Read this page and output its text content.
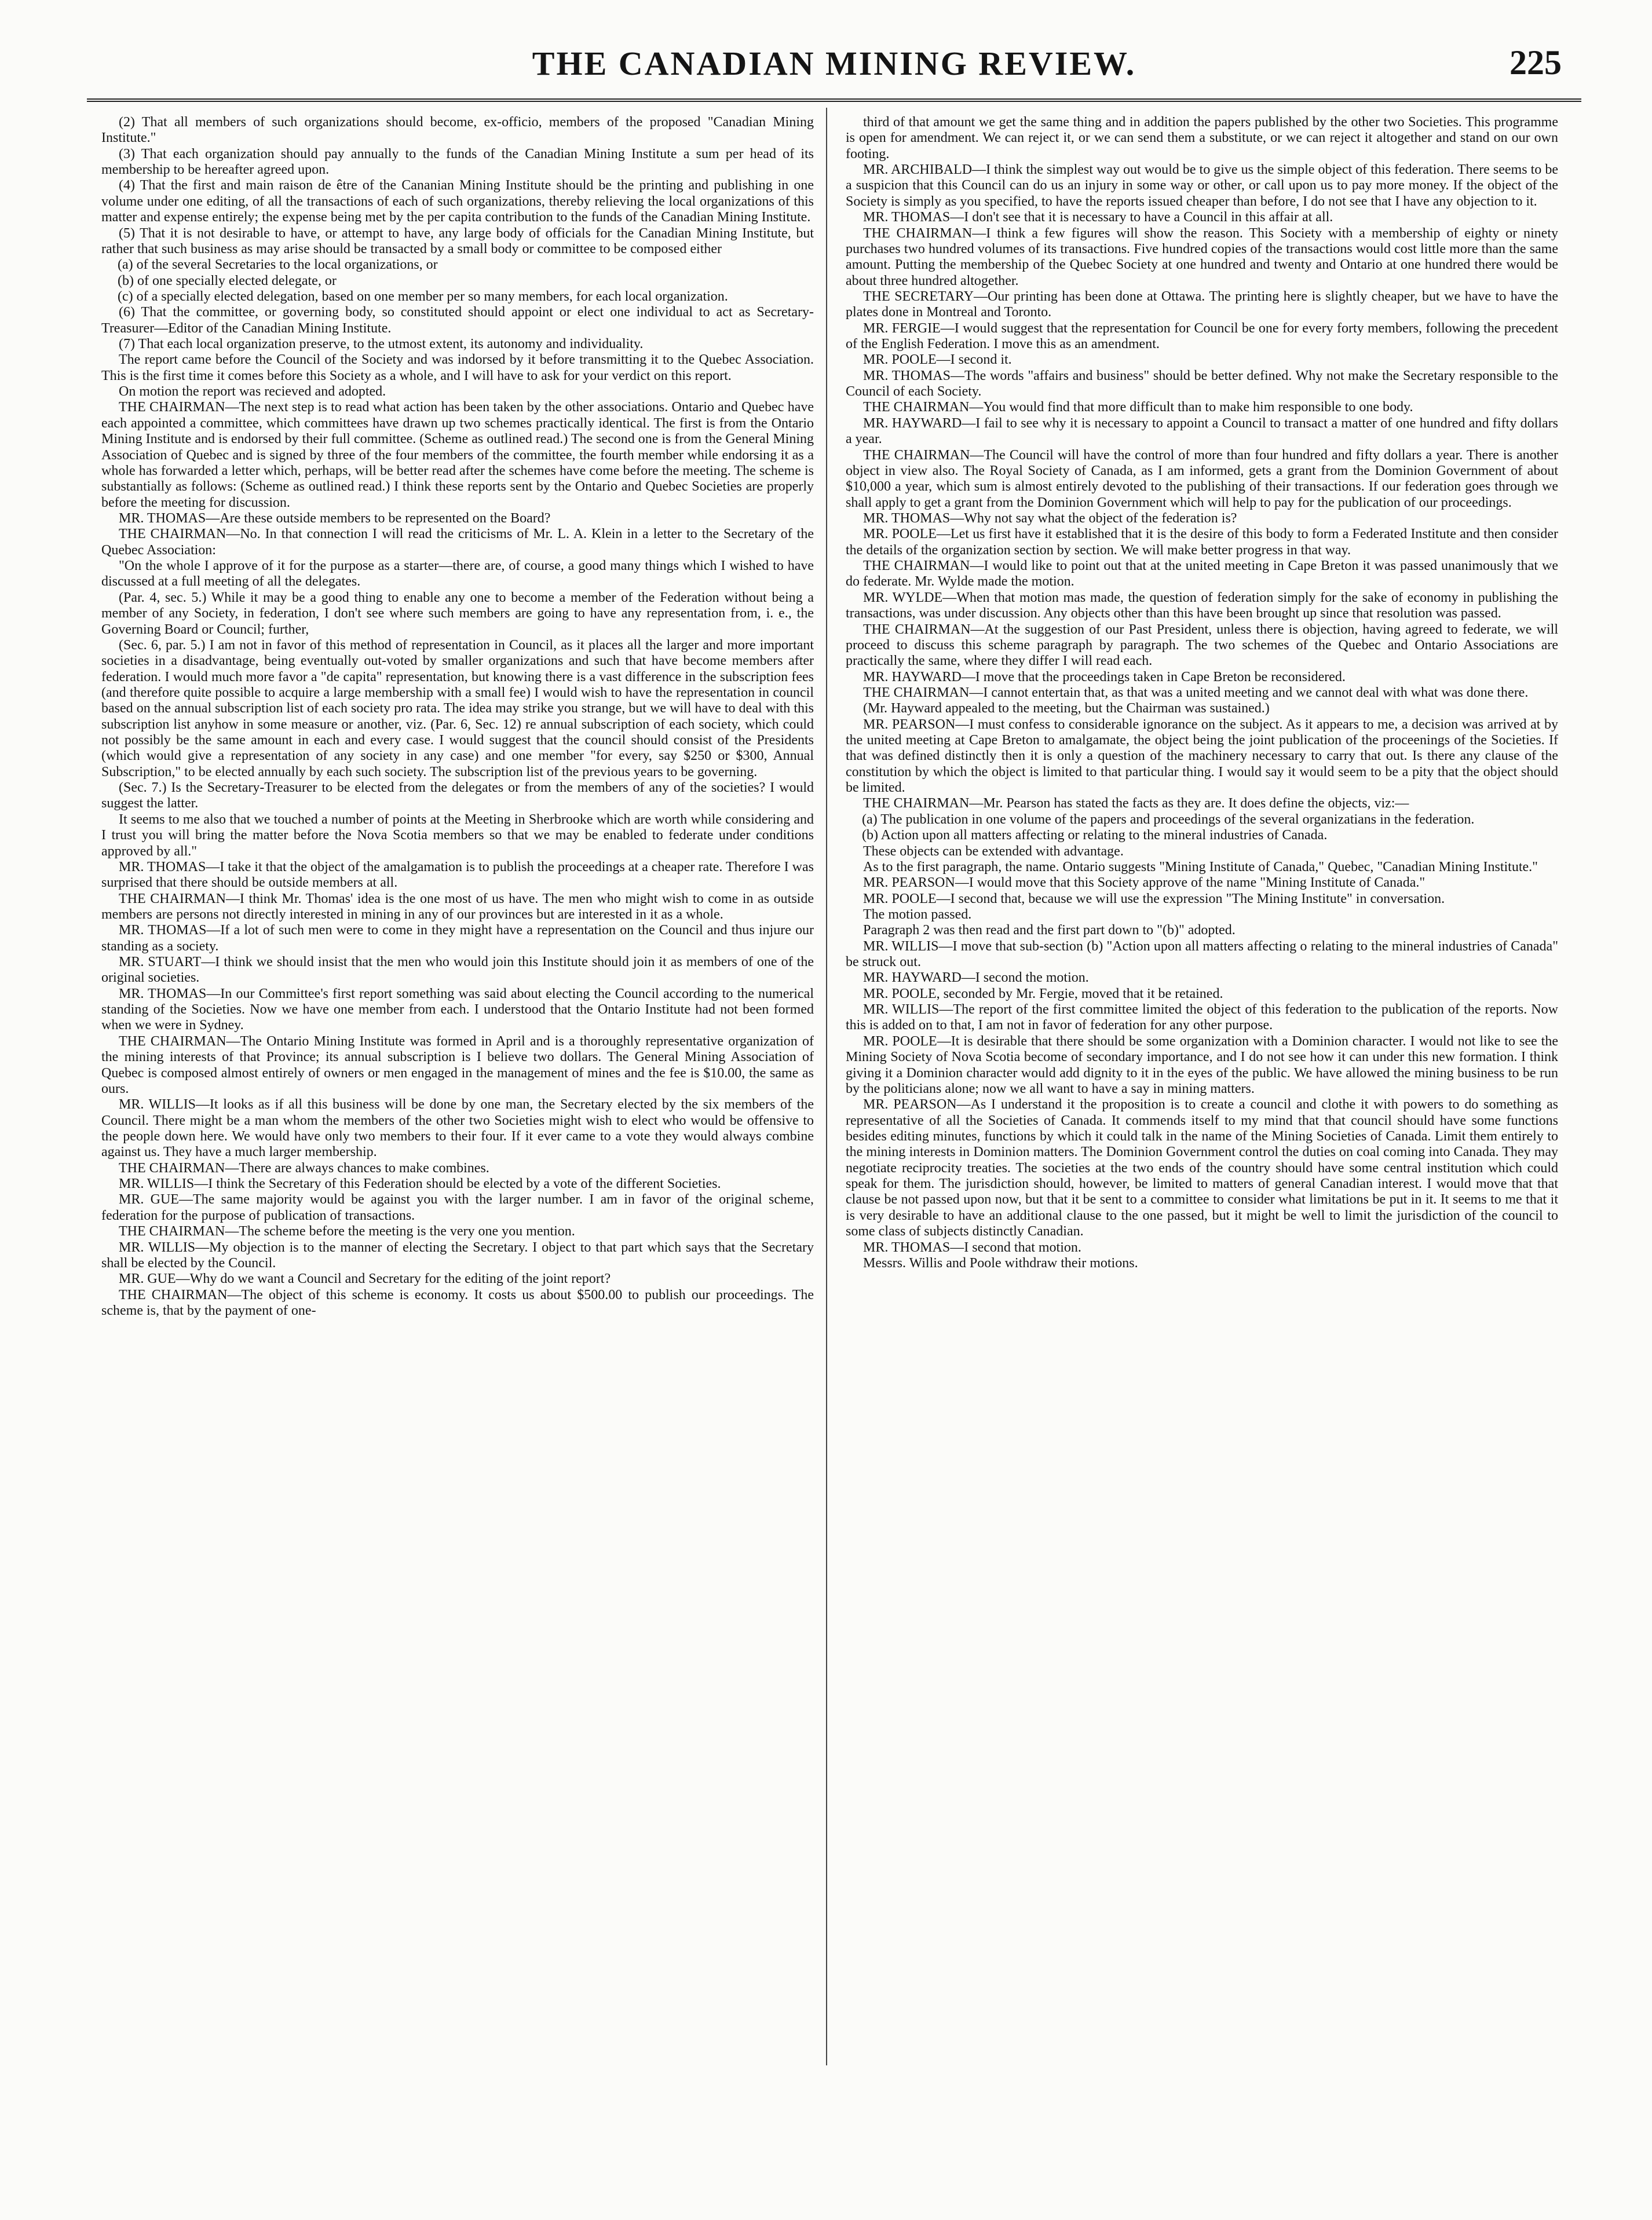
THE CANADIAN MINING REVIEW.	225

(2) That all members of such organizations should become, ex-officio, members of the proposed "Canadian Mining Institute."

(3) That each organization should pay annually to the funds of the Canadian Mining Institute a sum per head of its membership to be hereafter agreed upon.

(4) That the first and main raison de être of the Cananian Mining Institute should be the printing and publishing in one volume under one editing, of all the transactions of each of such organizations, thereby relieving the local organizations of this matter and expense entirely; the expense being met by the per capita contribution to the funds of the Canadian Mining Institute.

(5) That it is not desirable to have, or attempt to have, any large body of officials for the Canadian Mining Institute, but rather that such business as may arise should be transacted by a small body or committee to be composed either

(a) of the several Secretaries to the local organizations, or

(b) of one specially elected delegate, or

(c) of a specially elected delegation, based on one member per so many members, for each local organization.

(6) That the committee, or governing body, so constituted should appoint or elect one individual to act as Secretary-Treasurer—Editor of the Canadian Mining Institute.

(7) That each local organization preserve, to the utmost extent, its autonomy and individuality.

The report came before the Council of the Society and was indorsed by it before transmitting it to the Quebec Association. This is the first time it comes before this Society as a whole, and I will have to ask for your verdict on this report.

On motion the report was recieved and adopted.

THE CHAIRMAN—The next step is to read what action has been taken by the other associations. Ontario and Quebec have each appointed a committee, which committees have drawn up two schemes practically identical. The first is from the Ontario Mining Institute and is endorsed by their full committee. (Scheme as outlined read.) The second one is from the General Mining Association of Quebec and is signed by three of the four members of the committee, the fourth member while endorsing it as a whole has forwarded a letter which, perhaps, will be better read after the schemes have come before the meeting. The scheme is substantially as follows: (Scheme as outlined read.) I think these reports sent by the Ontario and Quebec Societies are properly before the meeting for discussion.

MR. THOMAS—Are these outside members to be represented on the Board?

THE CHAIRMAN—No. In that connection I will read the criticisms of Mr. L. A. Klein in a letter to the Secretary of the Quebec Association:

"On the whole I approve of it for the purpose as a starter—there are, of course, a good many things which I wished to have discussed at a full meeting of all the delegates.

(Par. 4, sec. 5.) While it may be a good thing to enable any one to become a member of the Federation without being a member of any Society, in federation, I don't see where such members are going to have any representation from, i. e., the Governing Board or Council; further,

(Sec. 6, par. 5.) I am not in favor of this method of representation in Council, as it places all the larger and more important societies in a disadvantage, being eventually out-voted by smaller organizations and such that have become members after federation. I would much more favor a "de capita" representation, but knowing there is a vast difference in the subscription fees (and therefore quite possible to acquire a large membership with a small fee) I would wish to have the representation in council based on the annual subscription list of each society pro rata. The idea may strike you strange, but we will have to deal with this subscription list anyhow in some measure or another, viz. (Par. 6, Sec. 12) re annual subscription of each society, which could not possibly be the same amount in each and every case. I would suggest that the council should consist of the Presidents (which would give a representation of any society in any case) and one member "for every, say $250 or $300, Annual Subscription," to be elected annually by each such society. The subscription list of the previous years to be governing.

(Sec. 7.) Is the Secretary-Treasurer to be elected from the delegates or from the members of any of the societies? I would suggest the latter.

It seems to me also that we touched a number of points at the Meeting in Sherbrooke which are worth while considering and I trust you will bring the matter before the Nova Scotia members so that we may be enabled to federate under conditions approved by all."

MR. THOMAS—I take it that the object of the amalgamation is to publish the proceedings at a cheaper rate. Therefore I was surprised that there should be outside members at all.

THE CHAIRMAN—I think Mr. Thomas' idea is the one most of us have. The men who might wish to come in as outside members are persons not directly interested in mining in any of our provinces but are interested in it as a whole.

MR. THOMAS—If a lot of such men were to come in they might have a representation on the Council and thus injure our standing as a society.

MR. STUART—I think we should insist that the men who would join this Institute should join it as members of one of the original societies.

MR. THOMAS—In our Committee's first report something was said about electing the Council according to the numerical standing of the Societies. Now we have one member from each. I understood that the Ontario Institute had not been formed when we were in Sydney.

THE CHAIRMAN—The Ontario Mining Institute was formed in April and is a thoroughly representative organization of the mining interests of that Province; its annual subscription is I believe two dollars. The General Mining Association of Quebec is composed almost entirely of owners or men engaged in the management of mines and the fee is $10.00, the same as ours.

MR. WILLIS—It looks as if all this business will be done by one man, the Secretary elected by the six members of the Council. There might be a man whom the members of the other two Societies might wish to elect who would be offensive to the people down here. We would have only two members to their four. If it ever came to a vote they would always combine against us. They have a much larger membership.

THE CHAIRMAN—There are always chances to make combines.

MR. WILLIS—I think the Secretary of this Federation should be elected by a vote of the different Societies.

MR. GUE—The same majority would be against you with the larger number. I am in favor of the original scheme, federation for the purpose of publication of transactions.

THE CHAIRMAN—The scheme before the meeting is the very one you mention.

MR. WILLIS—My objection is to the manner of electing the Secretary. I object to that part which says that the Secretary shall be elected by the Council.

MR. GUE—Why do we want a Council and Secretary for the editing of the joint report?

THE CHAIRMAN—The object of this scheme is economy. It costs us about $500.00 to publish our proceedings. The scheme is, that by the payment of one-

third of that amount we get the same thing and in addition the papers published by the other two Societies. This programme is open for amendment. We can reject it, or we can send them a substitute, or we can reject it altogether and stand on our own footing.

MR. ARCHIBALD—I think the simplest way out would be to give us the simple object of this federation. There seems to be a suspicion that this Council can do us an injury in some way or other, or call upon us to pay more money. If the object of the Society is simply as you specified, to have the reports issued cheaper than before, I do not see that I have any objection to it.

MR. THOMAS—I don't see that it is necessary to have a Council in this affair at all.

THE CHAIRMAN—I think a few figures will show the reason. This Society with a membership of eighty or ninety purchases two hundred volumes of its transactions. Five hundred copies of the transactions would cost little more than the same amount. Putting the membership of the Quebec Society at one hundred and twenty and Ontario at one hundred there would be about three hundred altogether.

THE SECRETARY—Our printing has been done at Ottawa. The printing here is slightly cheaper, but we have to have the plates done in Montreal and Toronto.

MR. FERGIE—I would suggest that the representation for Council be one for every forty members, following the precedent of the English Federation. I move this as an amendment.

MR. POOLE—I second it.

MR. THOMAS—The words "affairs and business" should be better defined. Why not make the Secretary responsible to the Council of each Society.

THE CHAIRMAN—You would find that more difficult than to make him responsible to one body.

MR. HAYWARD—I fail to see why it is necessary to appoint a Council to transact a matter of one hundred and fifty dollars a year.

THE CHAIRMAN—The Council will have the control of more than four hundred and fifty dollars a year. There is another object in view also. The Royal Society of Canada, as I am informed, gets a grant from the Dominion Government of about $10,000 a year, which sum is almost entirely devoted to the publishing of their transactions. If our federation goes through we shall apply to get a grant from the Dominion Government which will help to pay for the publication of our proceedings.

MR. THOMAS—Why not say what the object of the federation is?

MR. POOLE—Let us first have it established that it is the desire of this body to form a Federated Institute and then consider the details of the organization section by section. We will make better progress in that way.

THE CHAIRMAN—I would like to point out that at the united meeting in Cape Breton it was passed unanimously that we do federate. Mr. Wylde made the motion.

MR. WYLDE—When that motion mas made, the question of federation simply for the sake of economy in publishing the transactions, was under discussion. Any objects other than this have been brought up since that resolution was passed.

THE CHAIRMAN—At the suggestion of our Past President, unless there is objection, having agreed to federate, we will proceed to discuss this scheme paragraph by paragraph. The two schemes of the Quebec and Ontario Associations are practically the same, where they differ I will read each.

MR. HAYWARD—I move that the proceedings taken in Cape Breton be reconsidered.

THE CHAIRMAN—I cannot entertain that, as that was a united meeting and we cannot deal with what was done there.

(Mr. Hayward appealed to the meeting, but the Chairman was sustained.)

MR. PEARSON—I must confess to considerable ignorance on the subject. As it appears to me, a decision was arrived at by the united meeting at Cape Breton to amalgamate, the object being the joint publication of the proceenings of the Societies. If that was defined distinctly then it is only a question of the machinery necessary to carry that out. Is there any clause of the constitution by which the object is limited to that particular thing. I would say it would seem to be a pity that the object should be limited.

THE CHAIRMAN—Mr. Pearson has stated the facts as they are. It does define the objects, viz:—

(a) The publication in one volume of the papers and proceedings of the several organizatians in the federation.

(b) Action upon all matters affecting or relating to the mineral industries of Canada.

These objects can be extended with advantage.

As to the first paragraph, the name. Ontario suggests "Mining Institute of Canada," Quebec, "Canadian Mining Institute."

MR. PEARSON—I would move that this Society approve of the name "Mining Institute of Canada."

MR. POOLE—I second that, because we will use the expression "The Mining Institute" in conversation.

The motion passed.

Paragraph 2 was then read and the first part down to "(b)" adopted.

MR. WILLIS—I move that sub-section (b) "Action upon all matters affecting o relating to the mineral industries of Canada" be struck out.

MR. HAYWARD—I second the motion.

MR. POOLE, seconded by Mr. Fergie, moved that it be retained.

MR. WILLIS—The report of the first committee limited the object of this federation to the publication of the reports. Now this is added on to that, I am not in favor of federation for any other purpose.

MR. POOLE—It is desirable that there should be some organization with a Dominion character. I would not like to see the Mining Society of Nova Scotia become of secondary importance, and I do not see how it can under this new formation. I think giving it a Dominion character would add dignity to it in the eyes of the public. We have allowed the mining business to be run by the politicians alone; now we all want to have a say in mining matters.

MR. PEARSON—As I understand it the proposition is to create a council and clothe it with powers to do something as representative of all the Societies of Canada. It commends itself to my mind that that council should have some functions besides editing minutes, functions by which it could talk in the name of the Mining Societies of Canada. Limit them entirely to the mining interests in Dominion matters. The Dominion Government control the duties on coal coming into Canada. They may negotiate reciprocity treaties. The societies at the two ends of the country should have some central institution which could speak for them. The jurisdiction should, however, be limited to matters of general Canadian interest. I would move that that clause be not passed upon now, but that it be sent to a committee to consider what limitations be put in it. It seems to me that it is very desirable to have an additional clause to the one passed, but it might be well to limit the jurisdiction of the council to some class of subjects distinctly Canadian.

MR. THOMAS—I second that motion.

Messrs. Willis and Poole withdraw their motions.
